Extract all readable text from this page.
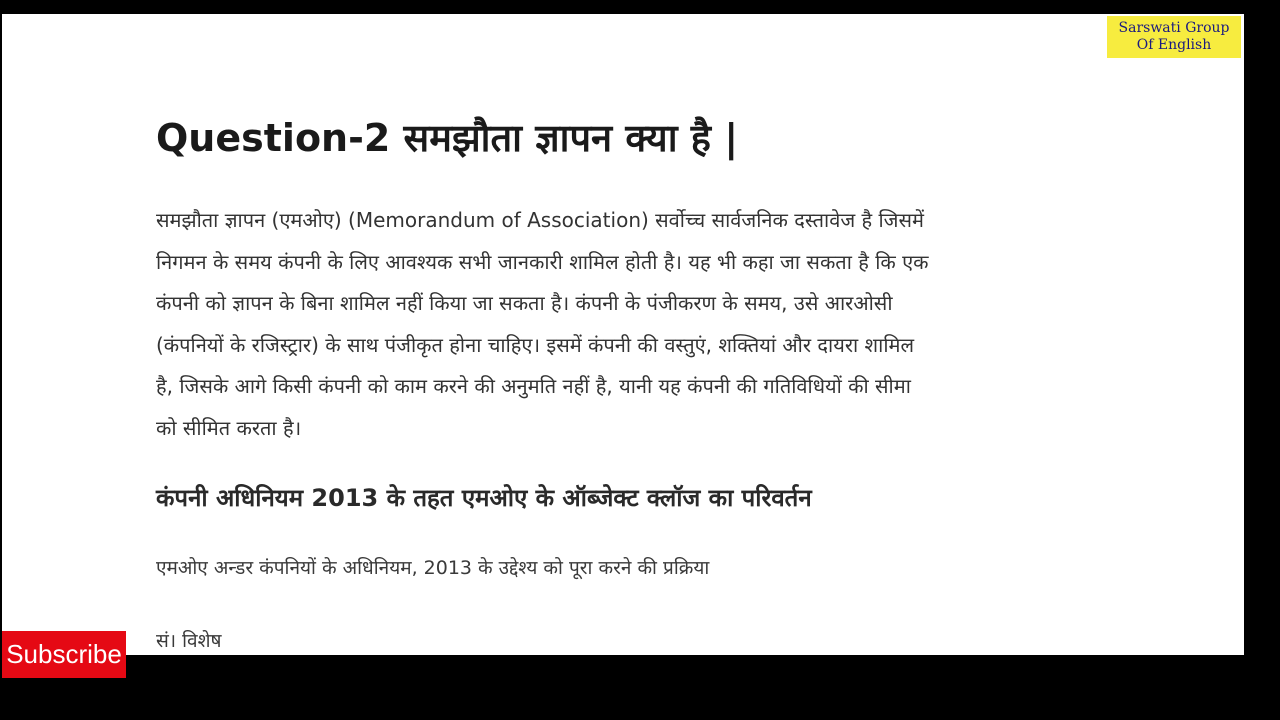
Sarswati Group
Of English
Question-2 समझौता ज्ञापन क्या है |
समझौता ज्ञापन (एमओए) (Memorandum of Association) सर्वोच्च सार्वजनिक दस्तावेज है जिसमें
निगमन के समय कंपनी के लिए आवश्यक सभी जानकारी शामिल होती है। यह भी कहा जा सकता है कि एक
कंपनी को ज्ञापन के बिना शामिल नहीं किया जा सकता है। कंपनी के पंजीकरण के समय, उसे आरओसी
(कंपनियों के रजिस्ट्रार) के साथ पंजीकृत होना चाहिए। इसमें कंपनी की वस्तुएं, शक्तियां और दायरा शामिल
है, जिसके आगे किसी कंपनी को काम करने की अनुमति नहीं है, यानी यह कंपनी की गतिविधियों की सीमा
को सीमित करता है।
कंपनी अधिनियम 2013 के तहत एमओए के ऑब्जेक्ट क्लॉज का परिवर्तन
एमओए अन्डर कंपनियों के अधिनियम, 2013 के उद्देश्य को पूरा करने की प्रक्रिया
सं। विशेष
Subscribe
